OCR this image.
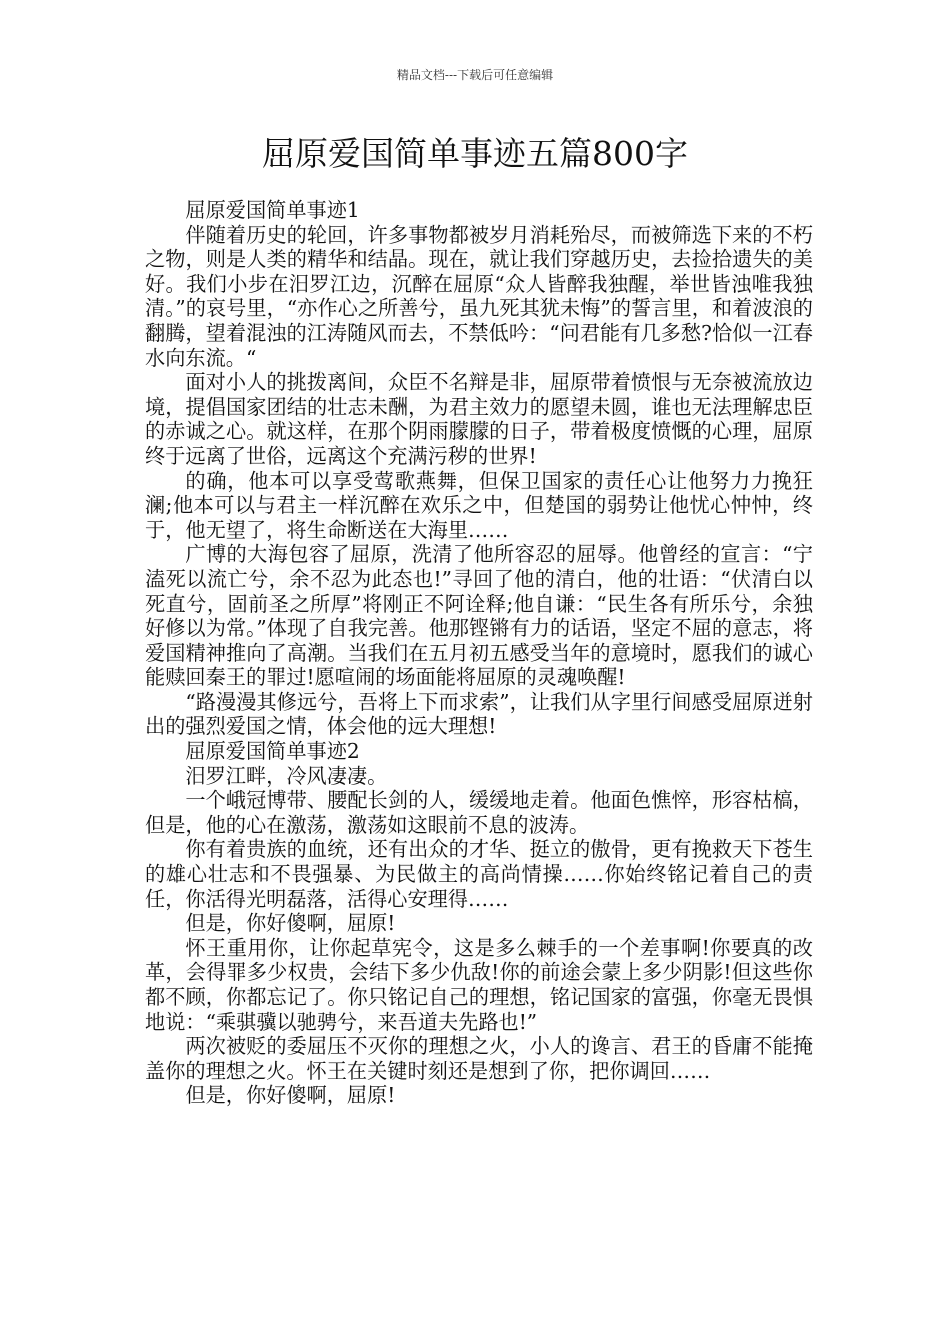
精品文档---下载后可任意编辑
屈原爱国简单事迹五篇800字

屈原爱国简单事迹1

伴随着历史的轮回，许多事物都被岁月消耗殆尽，而被筛选下来的不朽之物，则是人类的精华和结晶。现在，就让我们穿越历史，去捡拾遗失的美好。我们小步在汨罗江边，沉醉在屈原“众人皆醉我独醒，举世皆浊唯我独清。”的哀号里，“亦作心之所善兮，虽九死其犹未悔”的誓言里，和着波浪的翻腾，望着混浊的江涛随风而去，不禁低吟：“问君能有几多愁?恰似一江春水向东流。“

面对小人的挑拨离间，众臣不名辩是非，屈原带着愤恨与无奈被流放边境，提倡国家团结的壮志未酬，为君主效力的愿望未圆，谁也无法理解忠臣的赤诚之心。就这样，在那个阴雨朦朦的日子，带着极度愤慨的心理，屈原终于远离了世俗，远离这个充满污秽的世界!

的确，他本可以享受莺歌燕舞，但保卫国家的责任心让他努力力挽狂澜;他本可以与君主一样沉醉在欢乐之中，但楚国的弱势让他忧心忡忡，终于，他无望了，将生命断送在大海里……

广博的大海包容了屈原，洗清了他所容忍的屈辱。他曾经的宣言：“宁溘死以流亡兮，余不忍为此态也!”寻回了他的清白，他的壮语：“伏清白以死直兮，固前圣之所厚”将刚正不阿诠释;他自谦：“民生各有所乐兮，余独好修以为常。”体现了自我完善。他那铿锵有力的话语，坚定不屈的意志，将爱国精神推向了高潮。当我们在五月初五感受当年的意境时，愿我们的诚心能赎回秦王的罪过!愿喧闹的场面能将屈原的灵魂唤醒!

“路漫漫其修远兮，吾将上下而求索”，让我们从字里行间感受屈原迸射出的强烈爱国之情，体会他的远大理想!

屈原爱国简单事迹2

汨罗江畔，冷风凄凄。

一个峨冠博带、腰配长剑的人，缓缓地走着。他面色憔悴，形容枯槁，但是，他的心在激荡，激荡如这眼前不息的波涛。

你有着贵族的血统，还有出众的才华、挺立的傲骨，更有挽救天下苍生的雄心壮志和不畏强暴、为民做主的高尚情操……你始终铭记着自己的责任，你活得光明磊落，活得心安理得……

但是，你好傻啊，屈原!

怀王重用你，让你起草宪令，这是多么棘手的一个差事啊!你要真的改革，会得罪多少权贵，会结下多少仇敌!你的前途会蒙上多少阴影!但这些你都不顾，你都忘记了。你只铭记自己的理想，铭记国家的富强，你毫无畏惧地说：“乘骐骥以驰骋兮，来吾道夫先路也!”

两次被贬的委屈压不灭你的理想之火，小人的谗言、君王的昏庸不能掩盖你的理想之火。怀王在关键时刻还是想到了你，把你调回……

但是，你好傻啊，屈原!
